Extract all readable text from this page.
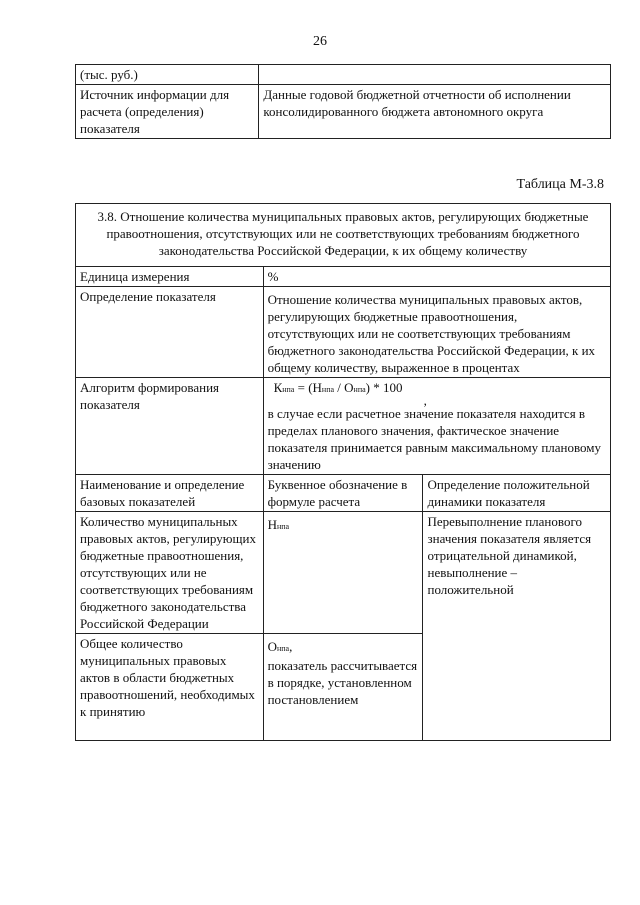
26
(тыс. руб.)	
Источник информации для расчета (определения) показателя	Данные годовой бюджетной отчетности об исполнении консолидированного бюджета автономного округа
Таблица М-3.8
3.8. Отношение количества муниципальных правовых актов, регулирующих бюджетные правоотношения, отсутствующих или не соответствующих требованиям бюджетного законодательства Российской Федерации, к их общему количеству		
Единица измерения	%	
Определение показателя	Отношение количества муниципальных правовых актов, регулирующих бюджетные правоотношения, отсутствующих или не соответствующих требованиям бюджетного законодательства Российской Федерации, к их общему количеству, выраженное в процентах	
Алгоритм формирования показателя	Кнпа = (Ннпа / Онпа) * 100
,
в случае если расчетное значение показателя находится в пределах планового значения, фактическое значение показателя принимается равным максимальному плановому значению	

Наименование и определение базовых показателей	Буквенное обозначение в формуле расчета	Определение положительной динамики показателя
Количество муниципальных правовых актов, регулирующих бюджетные правоотношения, отсутствующих или не соответствующих требованиям бюджетного законодательства Российской Федерации	Ннпа	Перевыполнение планового значения показателя является отрицательной динамикой, невыполнение – положительной
Общее количество муниципальных правовых актов в области бюджетных правоотношений, необходимых к принятию	Онпа,
показатель рассчитывается в порядке, установленном постановлением	
